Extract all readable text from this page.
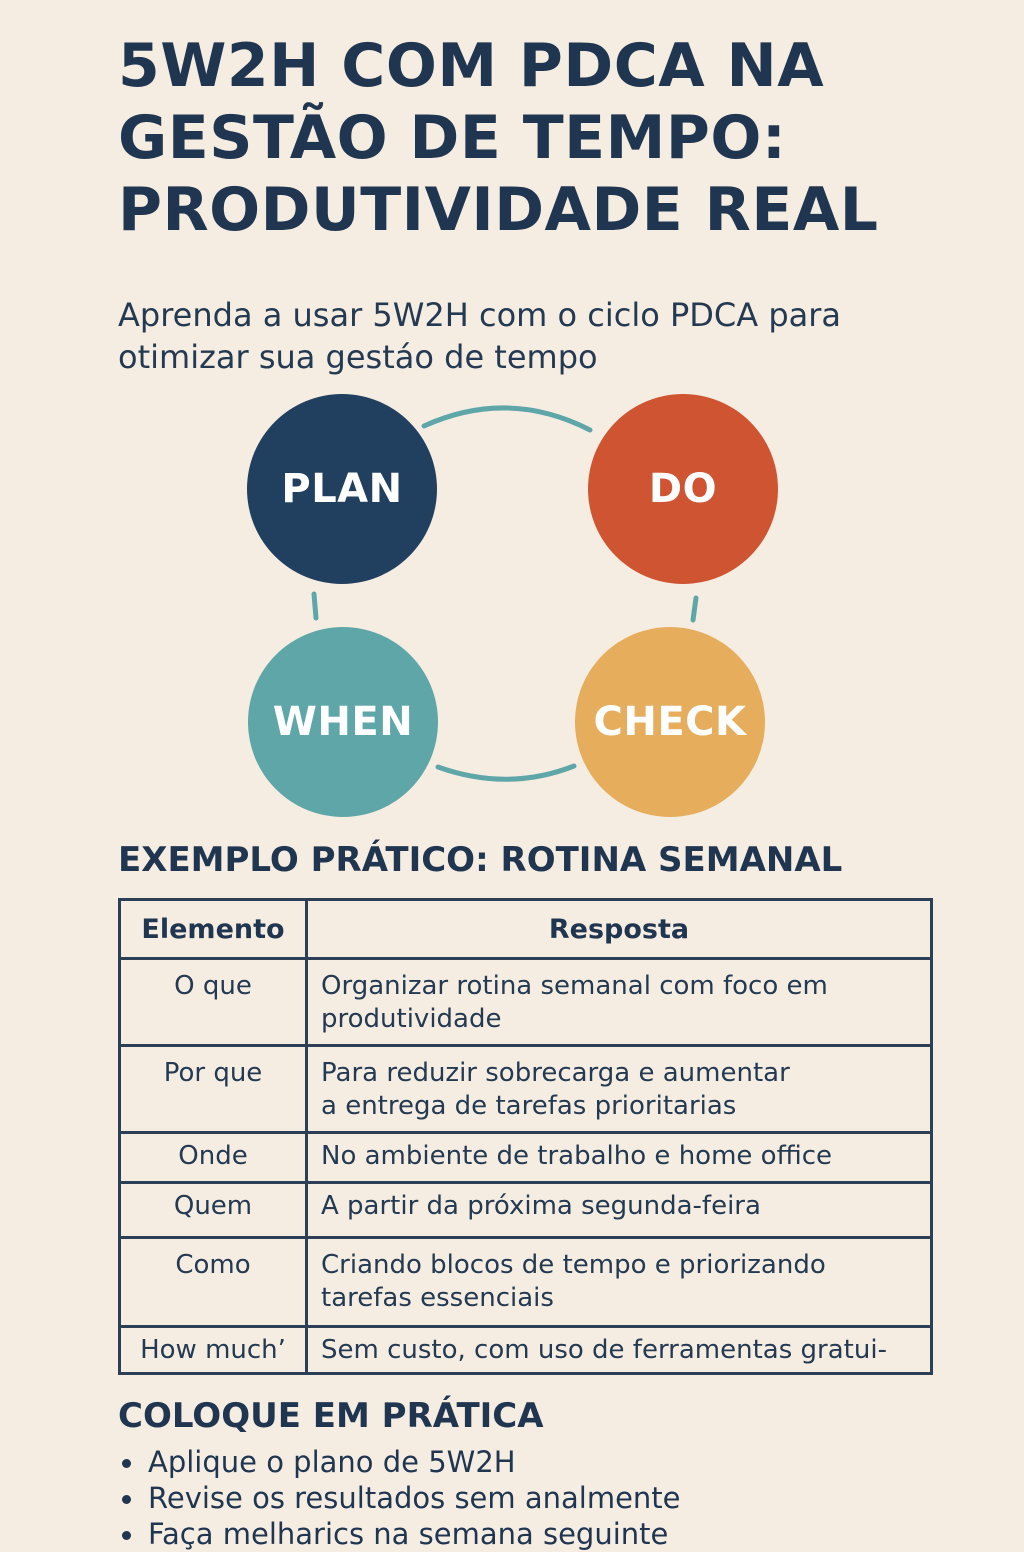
5W2H COM PDCA NA
GESTÃO DE TEMPO:
PRODUTIVIDADE REAL

Aprenda a usar 5W2H com o ciclo PDCA para
otimizar sua gestáo de tempo

PLAN	DO
WHEN	CHECK
EXEMPLO PRÁTICO: ROTINA SEMANAL
Elemento	Resposta
O que	Organizar rotina semanal com foco em
produtividade
Por que	Para reduzir sobrecarga e aumentar
a entrega de tarefas prioritarias
Onde	No ambiente de trabalho e home office
Quem	A partir da próxima segunda-feira
Como	Criando blocos de tempo e priorizando
tarefas essenciais
How much’	Sem custo, com uso de ferramentas gratui-
COLOQUE EM PRÁTICA
Aplique o plano de 5W2H
Revise os resultados sem analmente
Faça melharics na semana seguinte
